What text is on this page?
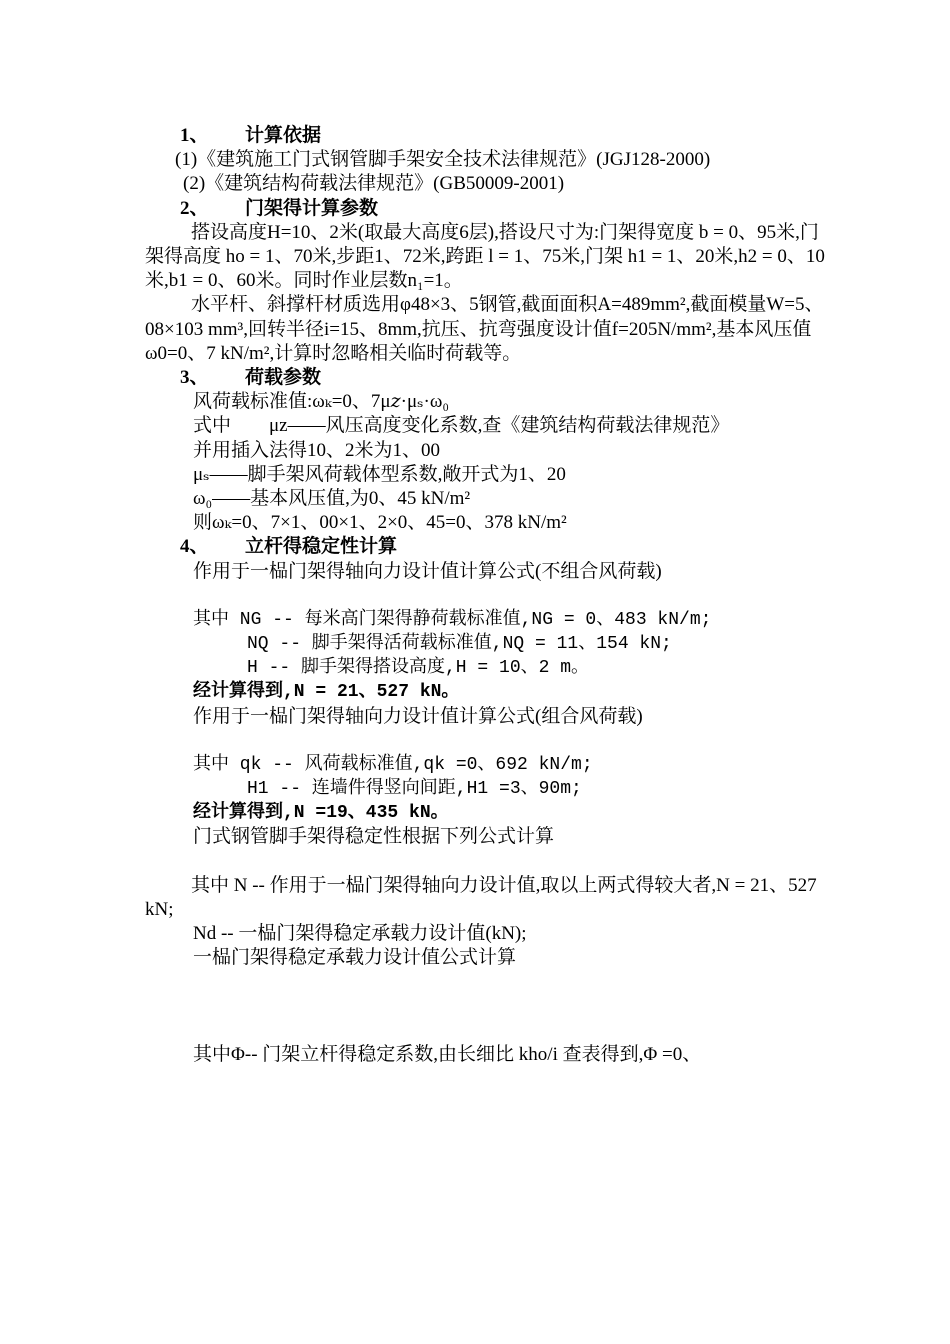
1、 计算依据

(1)《建筑施工门式钢管脚手架安全技术法律规范》(JGJ128-2000)

(2)《建筑结构荷载法律规范》(GB50009-2001)

2、 门架得计算参数

搭设高度H=10、2米(取最大高度6层),搭设尺寸为:门架得宽度 b = 0、95米,门架得高度 ho = 1、70米,步距1、72米,跨距 l = 1、75米,门架 h1 = 1、20米,h2 = 0、10米,b1 = 0、60米。同时作业层数n₁=1。

水平杆、斜撑杆材质选用φ48×3、5钢管,截面面积A=489mm²,截面模量W=5、08×103 mm³,回转半径i=15、8mm,抗压、抗弯强度设计值f=205N/mm²,基本风压值ω0=0、7 kN/m²,计算时忽略相关临时荷载等。

3、 荷载参数

风荷载标准值:ωₖ=0、7μ𝑧·μₛ·ω₀

式中　　μz——风压高度变化系数,查《建筑结构荷载法律规范》

并用插入法得10、2米为1、00

μₛ——脚手架风荷载体型系数,敞开式为1、20

ω₀——基本风压值,为0、45 kN/m²

则ωₖ=0、7×1、00×1、2×0、45=0、378 kN/m²

4、 立杆得稳定性计算

作用于一榀门架得轴向力设计值计算公式(不组合风荷载)

其中 NG -- 每米高门架得静荷载标准值,NG = 0、483 kN/m;

NQ -- 脚手架得活荷载标准值,NQ = 11、154 kN;

H -- 脚手架得搭设高度,H = 10、2 m。

经计算得到,N = 21、527 kN。

作用于一榀门架得轴向力设计值计算公式(组合风荷载)

其中 qk -- 风荷载标准值,qk =0、692 kN/m;

H1 -- 连墙件得竖向间距,H1 =3、90m;

经计算得到,N =19、435 kN。

门式钢管脚手架得稳定性根据下列公式计算

其中 N -- 作用于一榀门架得轴向力设计值,取以上两式得较大者,N = 21、527 kN;

Nd -- 一榀门架得稳定承载力设计值(kN);

一榀门架得稳定承载力设计值公式计算

其中Φ-- 门架立杆得稳定系数,由长细比 kho/i 查表得到,Φ =0、
